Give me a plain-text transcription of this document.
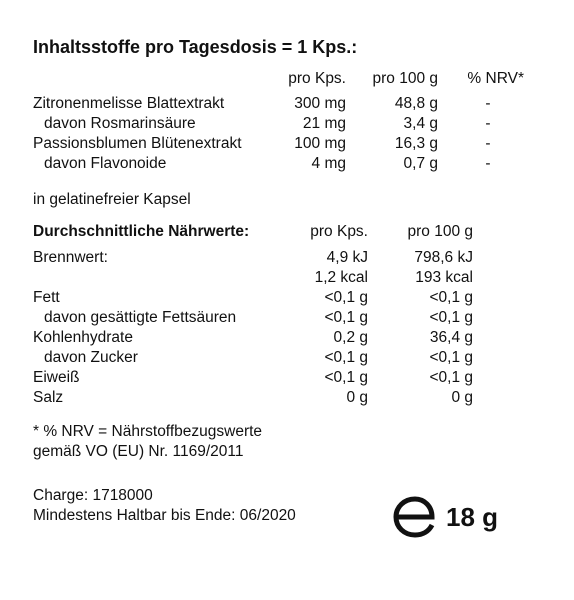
Inhaltsstoffe pro Tagesdosis = 1 Kps.:
pro Kps.	pro 100 g	% NRV*
Zitronenmelisse Blattextrakt	300 mg	48,8 g	-
davon Rosmarinsäure	21 mg	3,4 g	-
Passionsblumen Blütenextrakt	100 mg	16,3 g	-
davon Flavonoide	4 mg	0,7 g	-
in gelatinefreier Kapsel
Durchschnittliche Nährwerte:	pro Kps.	pro 100 g
Brennwert:	4,9 kJ	798,6 kJ
1,2 kcal	193 kcal
Fett	<0,1 g	<0,1 g
davon gesättigte Fettsäuren	<0,1 g	<0,1 g
Kohlenhydrate	0,2 g	36,4 g
davon Zucker	<0,1 g	<0,1 g
Eiweiß	<0,1 g	<0,1 g
Salz	0 g	0 g
* % NRV = Nährstoffbezugswerte
gemäß VO (EU) Nr. 1169/2011
Charge: 1718000
Mindestens Haltbar bis Ende: 06/2020	18 g
